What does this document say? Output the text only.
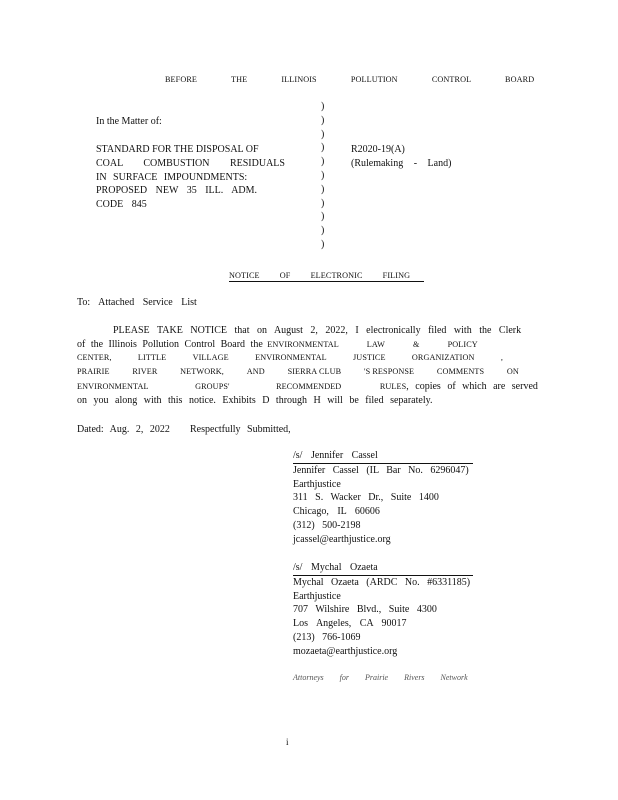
BEFORE THE ILLINOIS POLLUTION CONTROL BOARD
In the Matter of:
)
)
)
)
)
)
)
)
)
)
)
STANDARD FOR THE DISPOSAL OF
COAL COMBUSTION RESIDUALS
IN SURFACE IMPOUNDMENTS:
PROPOSED NEW 35 ILL. ADM.
CODE 845
R2020-19(A)
(Rulemaking - Land)
NOTICE OF ELECTRONIC FILING
To: Attached Service List
PLEASE TAKE NOTICE that on August 2, 2022, I electronically filed with the Clerk
of the Illinois Pollution Control Board the ENVIRONMENTAL LAW & POLICY
CENTER,	LITTLE	VILLAGE	ENVIRONMENTAL	JUSTICE	ORGANIZATION	,
PRAIRIE	RIVER	NETWORK,	AND	SIERRA CLUB	'S RESPONSE	COMMENTS	ON
ENVIRONMENTAL	GROUPS'	RECOMMENDED	RULES, copies of which are served
on you along with this notice. Exhibits D through H will be filed separately.
Dated: Aug. 2, 2022 Respectfully Submitted,
/s/ Jennifer Cassel
Jennifer Cassel (IL Bar No. 6296047)
Earthjustice
311 S. Wacker Dr., Suite 1400
Chicago, IL 60606
(312) 500-2198
jcassel@earthjustice.org
/s/ Mychal Ozaeta
Mychal Ozaeta (ARDC No. #6331185)
Earthjustice
707 Wilshire Blvd., Suite 4300
Los Angeles, CA 90017
(213) 766-1069
mozaeta@earthjustice.org
Attorneys for Prairie Rivers Network
i
